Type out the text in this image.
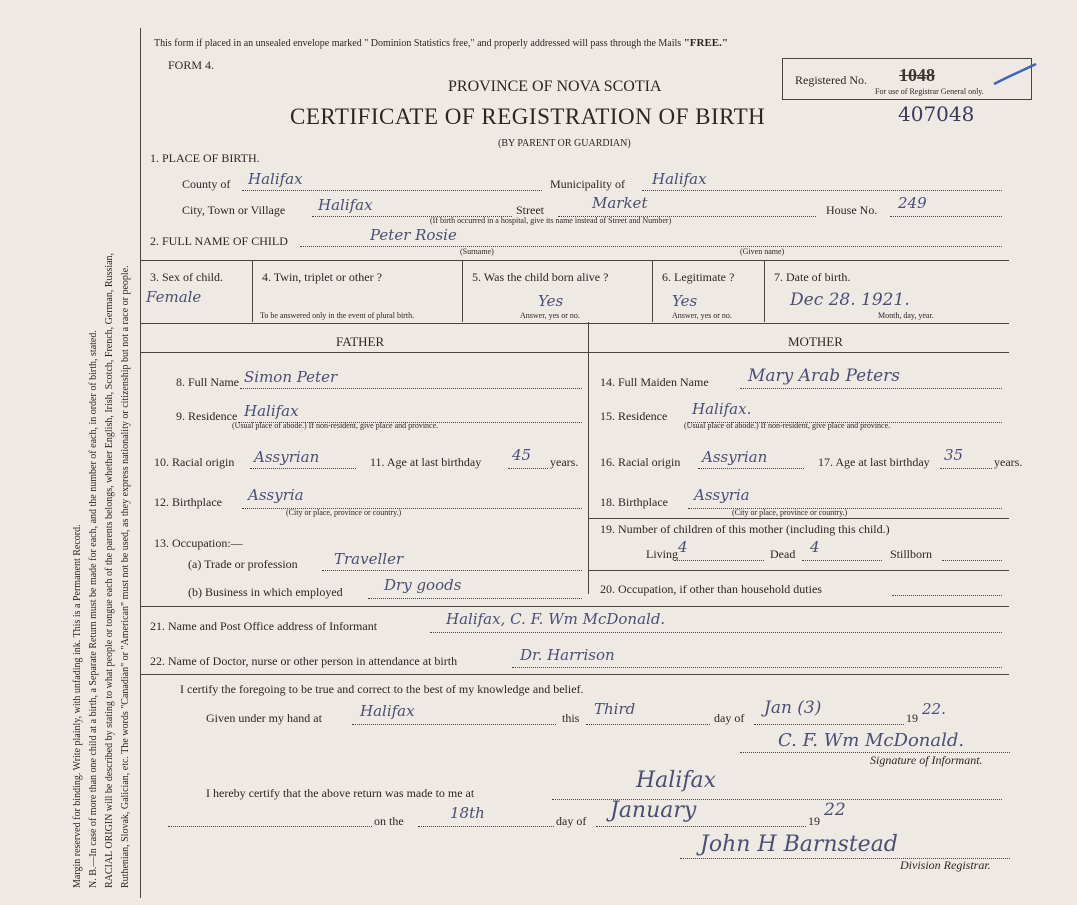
Margin reserved for binding. Write plainly, with unfading ink. This is a Permanent Record. N. B.—In case of more than one child at a birth, a Separate Return must be made for each, and the number of each, in order of birth, stated. RACIAL ORIGIN will be described by stating to what people or tongue each of the parents belongs, whether English, Irish, Scotch, French, German, Russian, Ruthenian, Slovak, Galician, etc. The words "Canadian" or "American" must not be used, as they express nationality or citizenship but not a race or people.
This form if placed in an unsealed envelope marked " Dominion Statistics free," and properly addressed will pass through the Mails "FREE."
FORM 4.
Registered No. 1048
For use of Registrar General only.
PROVINCE OF NOVA SCOTIA
CERTIFICATE OF REGISTRATION OF BIRTH	407048
(BY PARENT OR GUARDIAN)
1. PLACE OF BIRTH.
County of Halifax	Municipality of Halifax
City, Town or Village Halifax	Street	Market	House No. 249
(If birth occurred in a hospital, give its name instead of Street and Number)
2. FULL NAME OF CHILD	Peter Rosie
(Surname)	(Given name)
3. Sex of child.
Female
4. Twin, triplet or other ?
To be answered only in the event of plural birth.
5. Was the child born alive ?
Yes
Answer, yes or no.
6. Legitimate ?
Yes
Answer, yes or no.
7. Date of birth.
Dec 28. 1921.
Month, day, year.
FATHER	MOTHER
8. Full Name Simon Peter
9. Residence Halifax
(Usual place of abode.) If non-resident, give place and province.
10. Racial origin Assyrian	11. Age at last birthday 45 years.
12. Birthplace Assyria
(City or place, province or country.)
13. Occupation:—
(a) Trade or profession Traveller
(b) Business in which employed	Dry goods
14. Full Maiden Name Mary Arab Peters
15. Residence Halifax.
(Usual place of abode.) If non-resident, give place and province.
16. Racial origin Assyrian	17. Age at last birthday 35	years.
18. Birthplace Assyria
(City or place, province or country.)
19. Number of children of this mother (including this child.)
Living 4	Dead 4	Stillborn
20. Occupation, if other than household duties
21. Name and Post Office address of Informant	Halifax, C. F. Wm McDonald.
22. Name of Doctor, nurse or other person in attendance at birth	Dr. Harrison
I certify the foregoing to be true and correct to the best of my knowledge and belief.
Given under my hand at	Halifax	this Third	day of Jan (3)	19 22.
C. F. Wm McDonald.
Signature of Informant.
I hereby certify that the above return was made to me at	Halifax
on the	18th	day of January	19
22
John H Barnstead
Division Registrar.
